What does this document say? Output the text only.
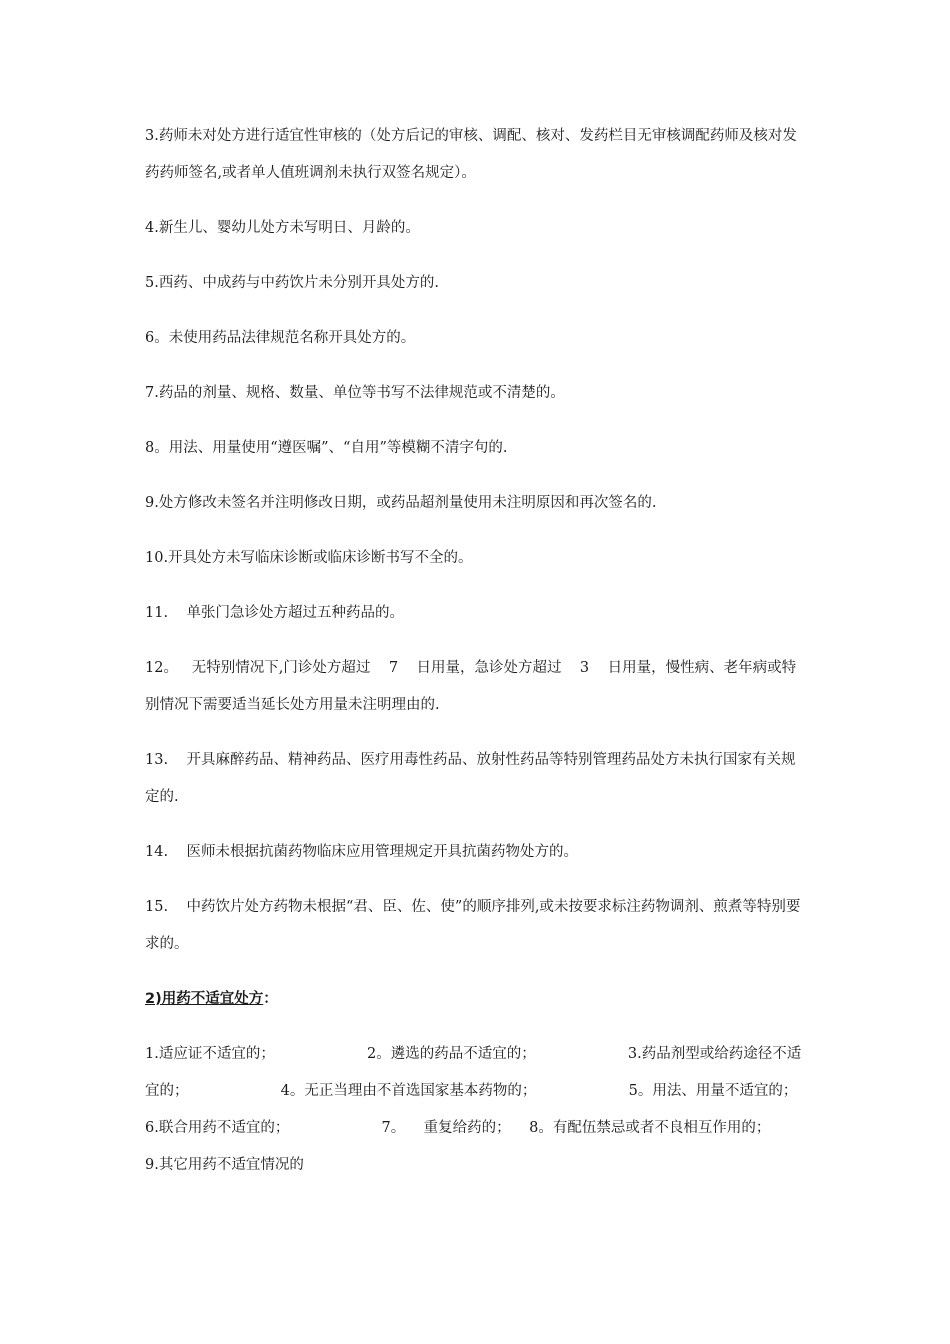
3.药师未对处方进行适宜性审核的（处方后记的审核、调配、核对、发药栏目无审核调配药师及核对发药药师签名,或者单人值班调剂未执行双签名规定）。

4.新生儿、婴幼儿处方未写明日、月龄的。

5.西药、中成药与中药饮片未分别开具处方的.

6。未使用药品法律规范名称开具处方的。

7.药品的剂量、规格、数量、单位等书写不法律规范或不清楚的。

8。用法、用量使用“遵医嘱”、“自用”等模糊不清字句的.

9.处方修改未签名并注明修改日期，或药品超剂量使用未注明原因和再次签名的.

10.开具处方未写临床诊断或临床诊断书写不全的。

11.    单张门急诊处方超过五种药品的。

12。   无特别情况下,门诊处方超过    7    日用量，急诊处方超过    3    日用量，慢性病、老年病或特别情况下需要适当延长处方用量未注明理由的.

13.    开具麻醉药品、精神药品、医疗用毒性药品、放射性药品等特别管理药品处方未执行国家有关规定的.

14.    医师未根据抗菌药物临床应用管理规定开具抗菌药物处方的。

15.    中药饮片处方药物未根据“君、臣、佐、使”的顺序排列,或未按要求标注药物调剂、煎煮等特别要求的。

2)用药不适宜处方：

1.适应证不适宜的；                    2。遴选的药品不适宜的；                    3.药品剂型或给药途径不适宜的；                    4。无正当理由不首选国家基本药物的；                    5。用法、用量不适宜的；                    6.联合用药不适宜的；                    7。    重复给药的；    8。有配伍禁忌或者不良相互作用的；                    9.其它用药不适宜情况的
